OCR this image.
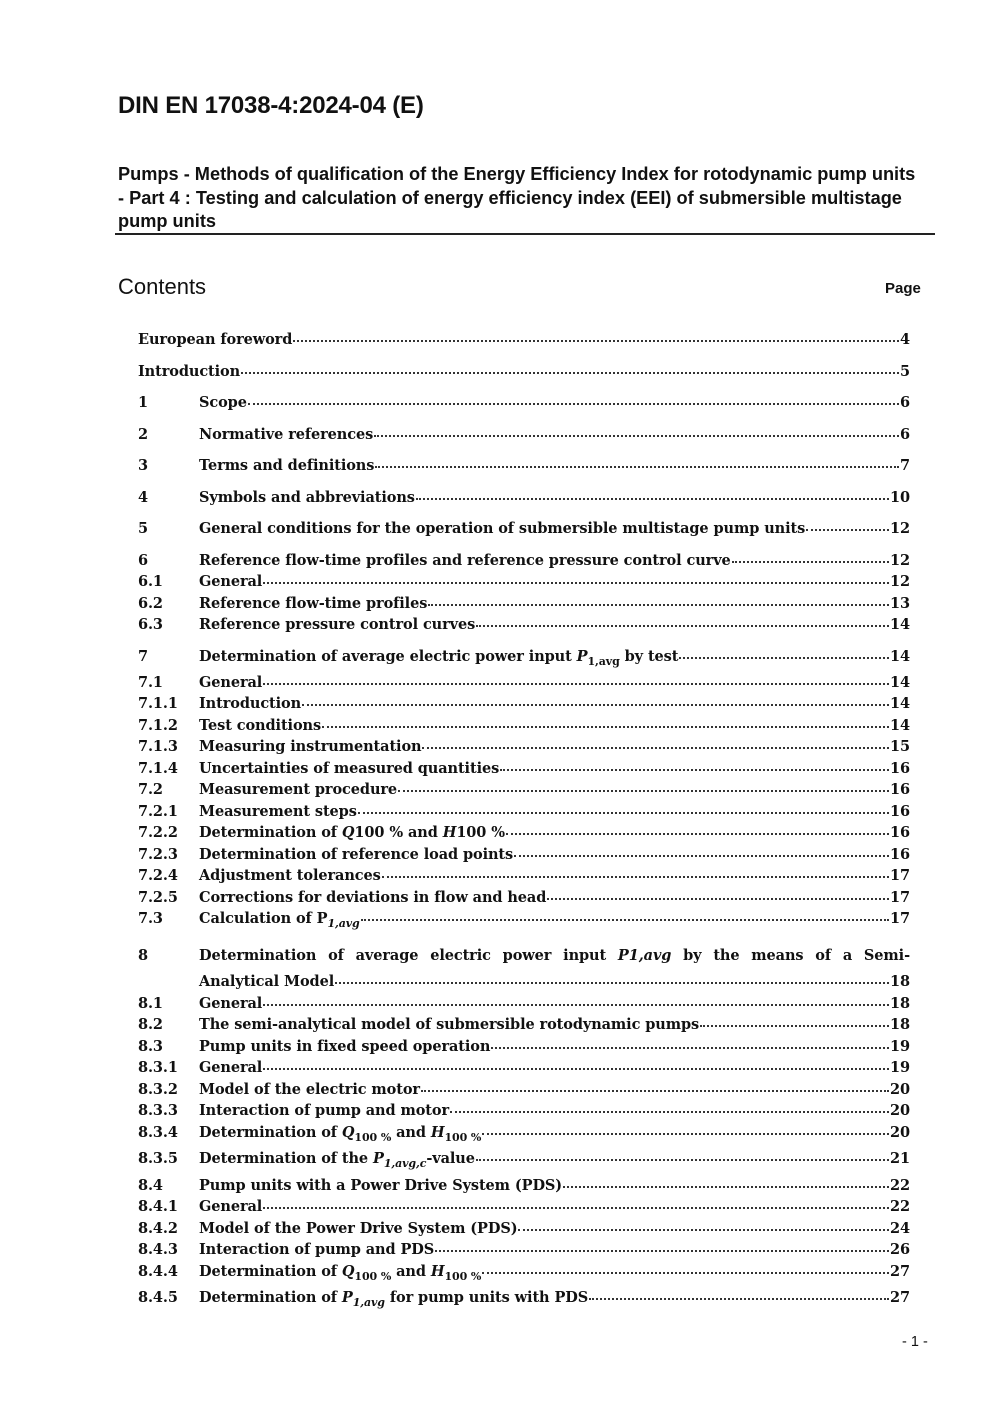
DIN EN 17038-4:2024-04 (E)
Pumps - Methods of qualification of the Energy Efficiency Index for rotodynamic pump units - Part 4 : Testing and calculation of energy efficiency index (EEI) of submersible multistage pump units
Contents	Page
European foreword	4
Introduction	5
1	Scope	6
2	Normative references	6
3	Terms and definitions	7
4	Symbols and abbreviations	10
5	General conditions for the operation of submersible multistage pump units	12
6	Reference flow-time profiles and reference pressure control curve	12
6.1	General	12
6.2	Reference flow-time profiles	13
6.3	Reference pressure control curves	14
7	Determination of average electric power input $P_{1,avg}$ by test	14
7.1	General	14
7.1.1	Introduction	14
7.1.2	Test conditions	14
7.1.3	Measuring instrumentation	15
7.1.4	Uncertainties of measured quantities	16
7.2	Measurement procedure	16
7.2.1	Measurement steps	16
7.2.2	Determination of Q100 % and H100 %	16
7.2.3	Determination of reference load points	16
7.2.4	Adjustment tolerances	17
7.2.5	Corrections for deviations in flow and head	17
7.3	Calculation of $P_{1,avg}$	17
8	Determination of average electric power input P1,avg by the means of a Semi-
Analytical Model	18
8.1	General	18
8.2	The semi-analytical model of submersible rotodynamic pumps	18
8.3	Pump units in fixed speed operation	19
8.3.1	General	19
8.3.2	Model of the electric motor	20
8.3.3	Interaction of pump and motor	20
8.3.4	Determination of $Q_{100 \%}$ and $H_{100 \%}$	20
8.3.5	Determination of the $P_{1,avg,c}$-value	21
8.4	Pump units with a Power Drive System (PDS)	22
8.4.1	General	22
8.4.2	Model of the Power Drive System (PDS)	24
8.4.3	Interaction of pump and PDS	26
8.4.4	Determination of $Q_{100 \%}$ and $H_{100 \%}$	27
8.4.5	Determination of $P_{1,avg}$ for pump units with PDS	27
- 1 -
